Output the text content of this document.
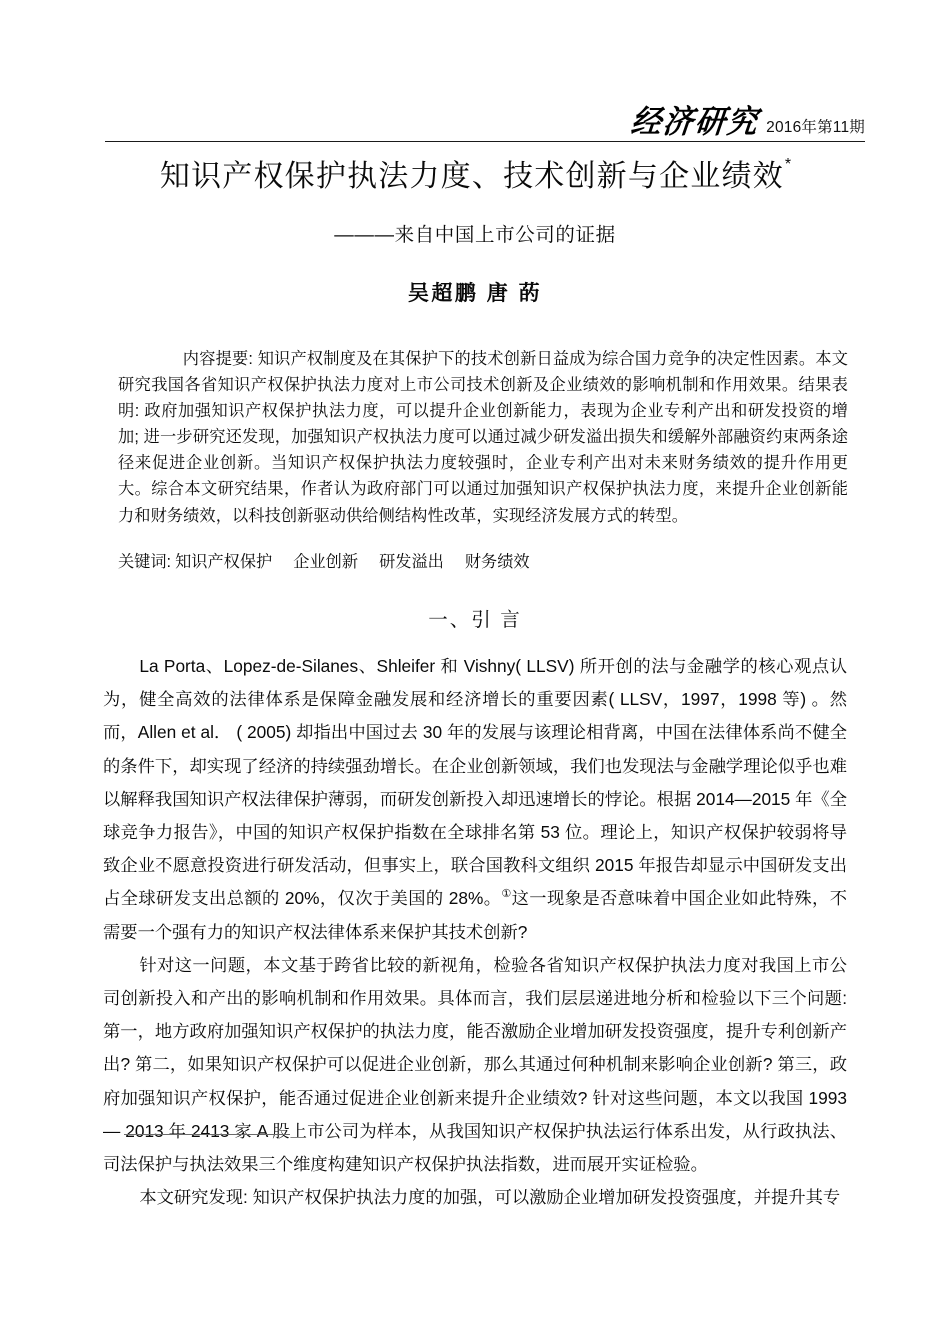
经济研究 2016年第11期
知识产权保护执法力度、技术创新与企业绩效*
———来自中国上市公司的证据
吴超鹏 唐 菂

内容提要: 知识产权制度及在其保护下的技术创新日益成为综合国力竞争的决定性因素。本文研究我国各省知识产权保护执法力度对上市公司技术创新及企业绩效的影响机制和作用效果。结果表明: 政府加强知识产权保护执法力度，可以提升企业创新能力，表现为企业专利产出和研发投资的增加; 进一步研究还发现，加强知识产权执法力度可以通过减少研发溢出损失和缓解外部融资约束两条途径来促进企业创新。当知识产权保护执法力度较强时，企业专利产出对未来财务绩效的提升作用更大。综合本文研究结果，作者认为政府部门可以通过加强知识产权保护执法力度，来提升企业创新能力和财务绩效，以科技创新驱动供给侧结构性改革，实现经济发展方式的转型。

关键词: 知识产权保护 企业创新 研发溢出 财务绩效
一、引 言

La Porta、Lopez-de-Silanes、Shleifer 和 Vishny( LLSV) 所开创的法与金融学的核心观点认为，健全高效的法律体系是保障金融发展和经济增长的重要因素( LLSV，1997，1998 等) 。然而，Allen et al． ( 2005) 却指出中国过去 30 年的发展与该理论相背离，中国在法律体系尚不健全的条件下，却实现了经济的持续强劲增长。在企业创新领域，我们也发现法与金融学理论似乎也难以解释我国知识产权法律保护薄弱，而研发创新投入却迅速增长的悖论。根据 2014—2015 年《全球竞争力报告》，中国的知识产权保护指数在全球排名第 53 位。理论上，知识产权保护较弱将导致企业不愿意投资进行研发活动，但事实上，联合国教科文组织 2015 年报告却显示中国研发支出占全球研发支出总额的 20%，仅次于美国的 28%。①这一现象是否意味着中国企业如此特殊，不需要一个强有力的知识产权法律体系来保护其技术创新?

针对这一问题，本文基于跨省比较的新视角，检验各省知识产权保护执法力度对我国上市公司创新投入和产出的影响机制和作用效果。具体而言，我们层层递进地分析和检验以下三个问题: 第一，地方政府加强知识产权保护的执法力度，能否激励企业增加研发投资强度，提升专利创新产出? 第二，如果知识产权保护可以促进企业创新，那么其通过何种机制来影响企业创新? 第三，政府加强知识产权保护，能否通过促进企业创新来提升企业绩效? 针对这些问题，本文以我国 1993— 2013 年 2413 家 A 股上市公司为样本，从我国知识产权保护执法运行体系出发，从行政执法、司法保护与执法效果三个维度构建知识产权保护执法指数，进而展开实证检验。

本文研究发现: 知识产权保护执法力度的加强，可以激励企业增加研发投资强度，并提升其专
